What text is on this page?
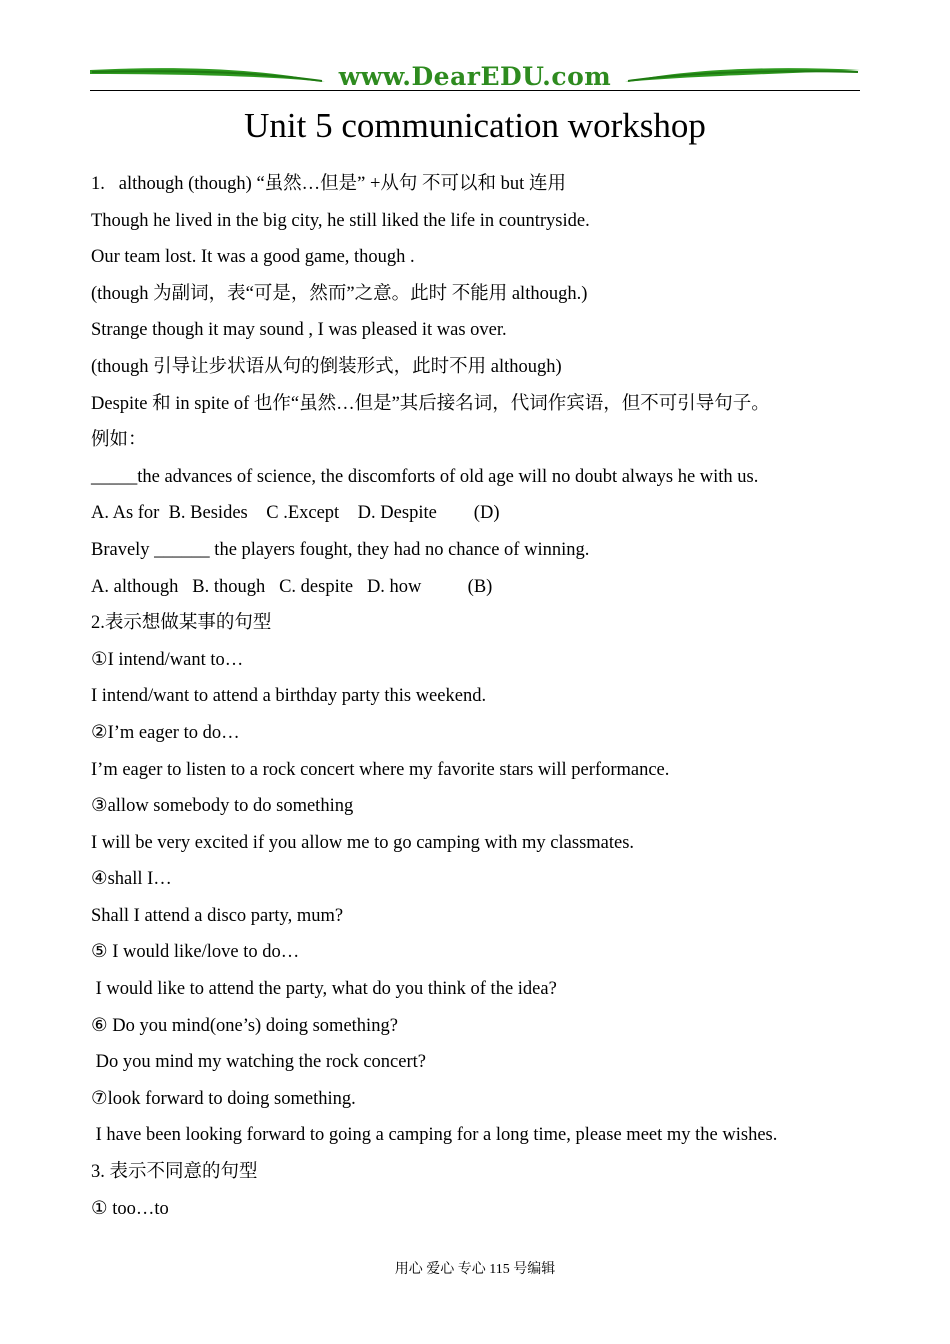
www.DearEDU.com
Unit 5 communication workshop
1.   although (though) “虽然…但是” +从句 不可以和 but 连用
Though he lived in the big city, he still liked the life in countryside.
Our team lost. It was a good game, though .
(though 为副词，表“可是，然而”之意。此时 不能用 although.)
Strange though it may sound , I was pleased it was over.
(though 引导让步状语从句的倒装形式，此时不用 although)
Despite 和 in spite of 也作“虽然…但是”其后接名词，代词作宾语，但不可引导句子。
例如：
_____the advances of science, the discomforts of old age will no doubt always he with us.
A. As for  B. Besides    C .Except    D. Despite        (D)
Bravely ______ the players fought, they had no chance of winning.
A. although   B. though   C. despite   D. how          (B)
2.表示想做某事的句型
①I intend/want to…
I intend/want to attend a birthday party this weekend.
②I’m eager to do…
I’m eager to listen to a rock concert where my favorite stars will performance.
③allow somebody to do something
I will be very excited if you allow me to go camping with my classmates.
④shall I…
Shall I attend a disco party, mum?
⑤ I would like/love to do…
I would like to attend the party, what do you think of the idea?
⑥ Do you mind(one’s) doing something?
Do you mind my watching the rock concert?
⑦look forward to doing something.
I have been looking forward to going a camping for a long time, please meet my the wishes.
3. 表示不同意的句型
① too…to
用心 爱心 专心 115 号编辑
